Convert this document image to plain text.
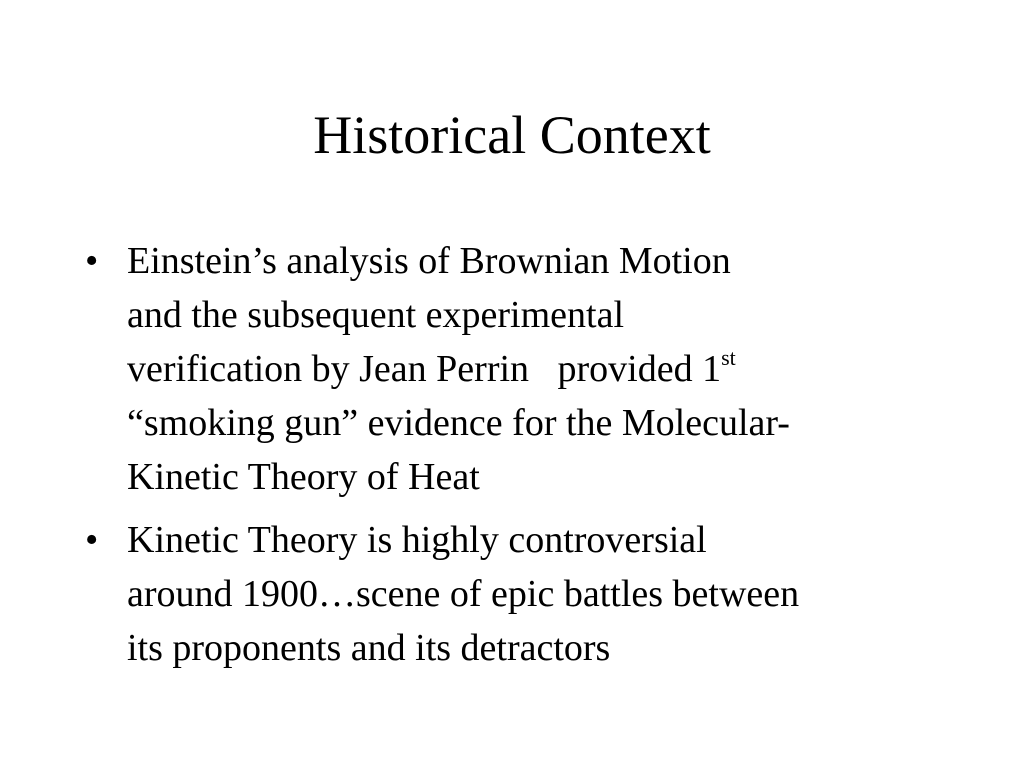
Historical Context
• Einstein’s analysis of Brownian Motion
and the subsequent experimental
verification by Jean Perrin   provided 1st
“smoking gun” evidence for the Molecular-
Kinetic Theory of Heat
• Kinetic Theory is highly controversial
around 1900…scene of epic battles between
its proponents and its detractors
